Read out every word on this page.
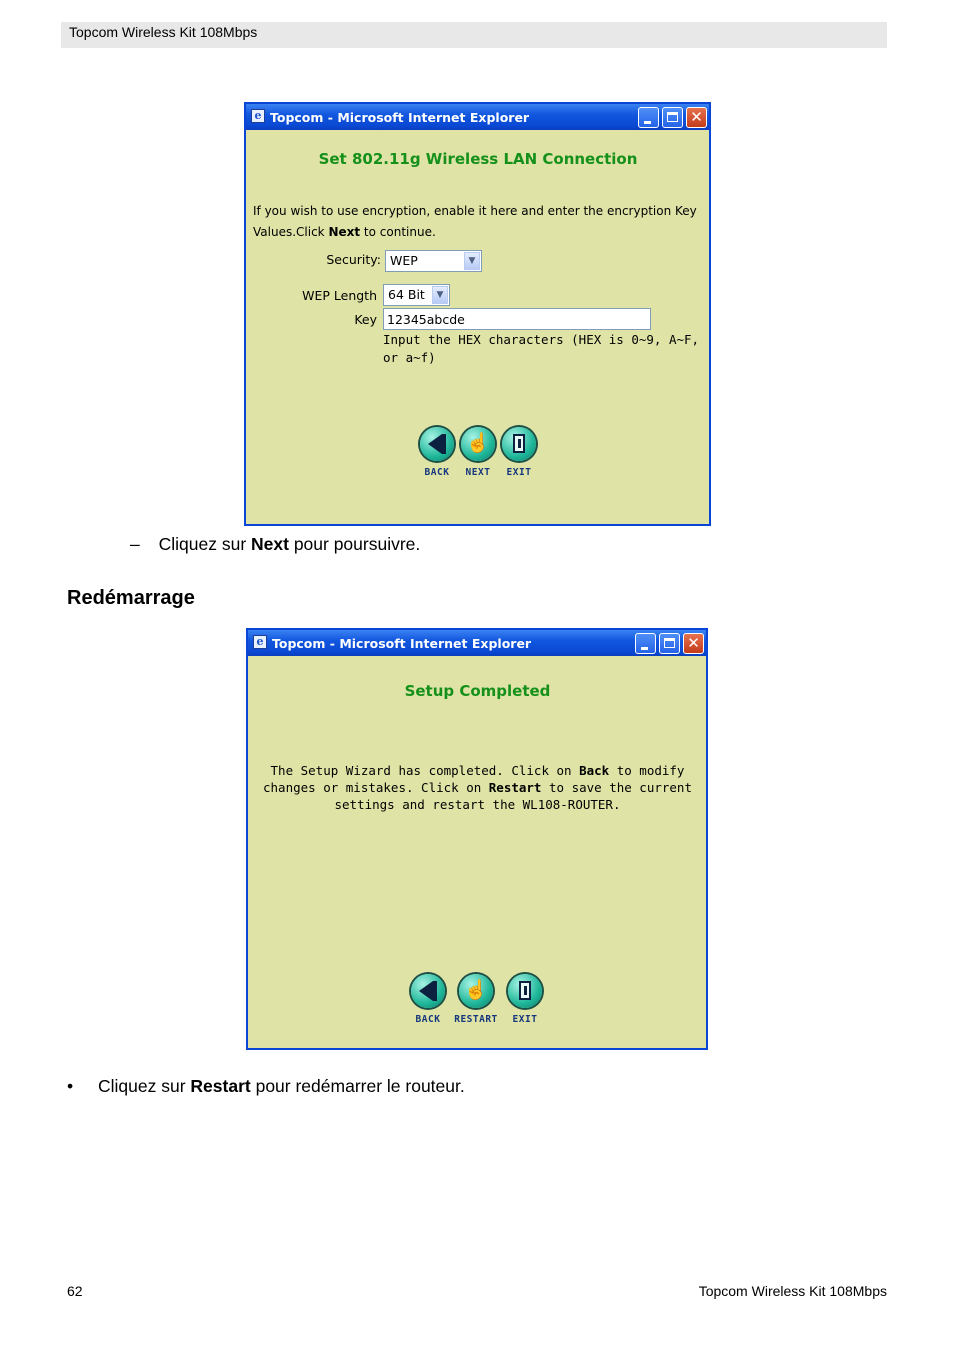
Topcom Wireless Kit 108Mbps
e Topcom - Microsoft Internet Explorer	✕
Set 802.11g Wireless LAN Connection
If you wish to use encryption, enable it here and enter the encryption Key
Values.Click Next to continue.
Security: WEP	▼
WEP Length 64 Bit	▼
Key
12345abcde
Input the HEX characters (HEX is 0~9, A~F,
or a~f)
BACK
☝
NEXT	EXIT
– Cliquez sur Next pour poursuivre.
Redémarrage
e Topcom - Microsoft Internet Explorer	✕
Setup Completed
The Setup Wizard has completed. Click on Back to modify
changes or mistakes. Click on Restart to save the current
settings and restart the WL108-ROUTER.
BACK
☝
RESTART	EXIT
• Cliquez sur Restart pour redémarrer le routeur.
62	Topcom Wireless Kit 108Mbps
